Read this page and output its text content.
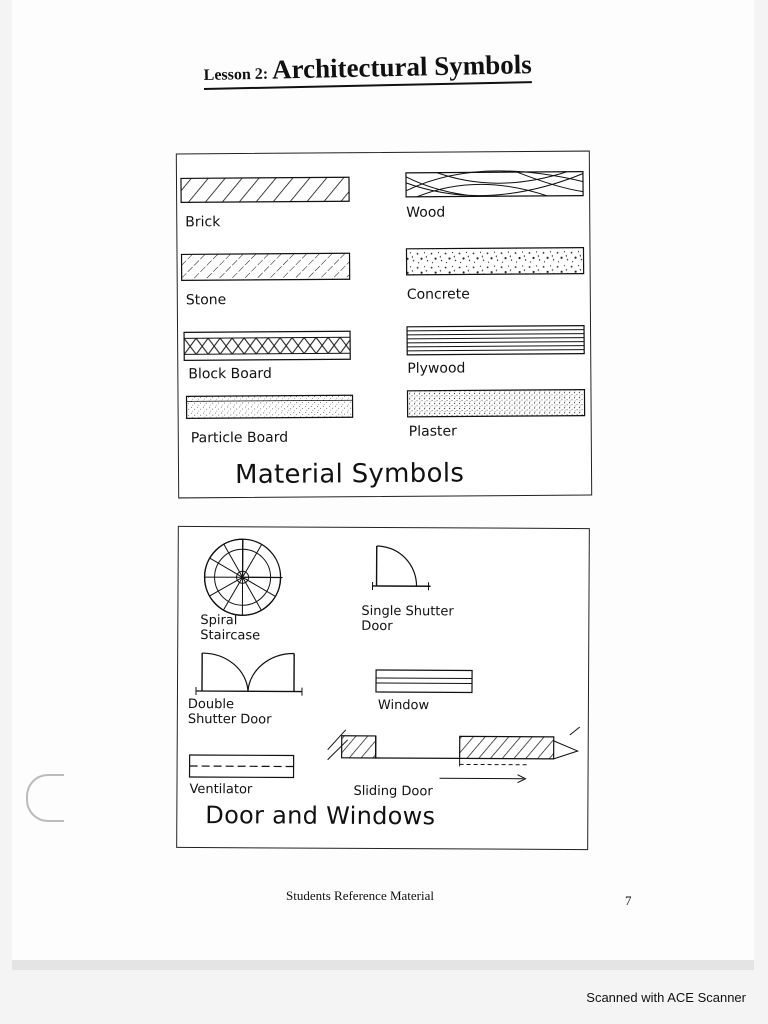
Lesson 2: Architectural Symbols
Brick
Wood
Stone	Concrete
Block Board	Plywood
Particle Board	Plaster
Material Symbols
Spiral
Staircase
Single Shutter
Door
Double
Shutter Door
Window
Ventilator	Sliding Door
Door and Windows
Students Reference Material	7
Scanned with ACE Scanner
